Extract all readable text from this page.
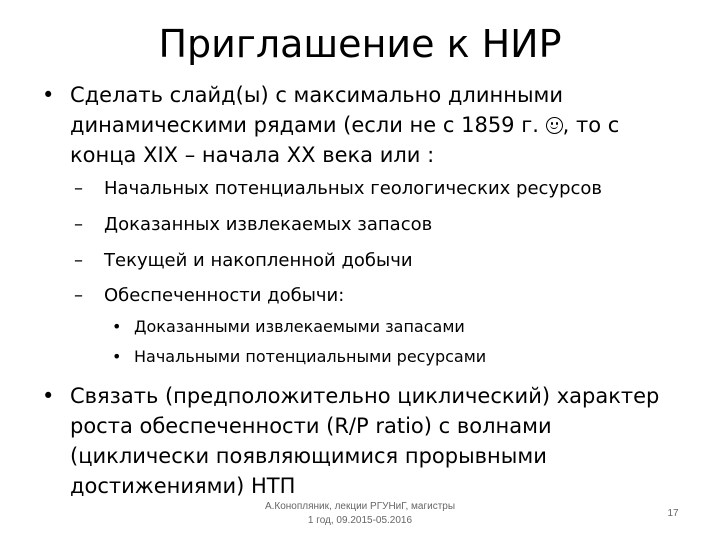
Приглашение к НИР
• Сделать слайд(ы) с максимально длинными динамическими рядами (если не с 1859 г.
, то с конца XIX – начала XX века или :
– Начальных потенциальных геологических ресурсов
– Доказанных извлекаемых запасов
– Текущей и накопленной добычи
– Обеспеченности добычи:
• Доказанными извлекаемыми запасами
• Начальными потенциальными ресурсами
• Связать (предположительно циклический) характер роста обеспеченности (R/P ratio) с волнами (циклически появляющимися прорывными достижениями) НТП
А.Конопляник, лекции РГУНиГ, магистры
1 год, 09.2015-05.2016
17
